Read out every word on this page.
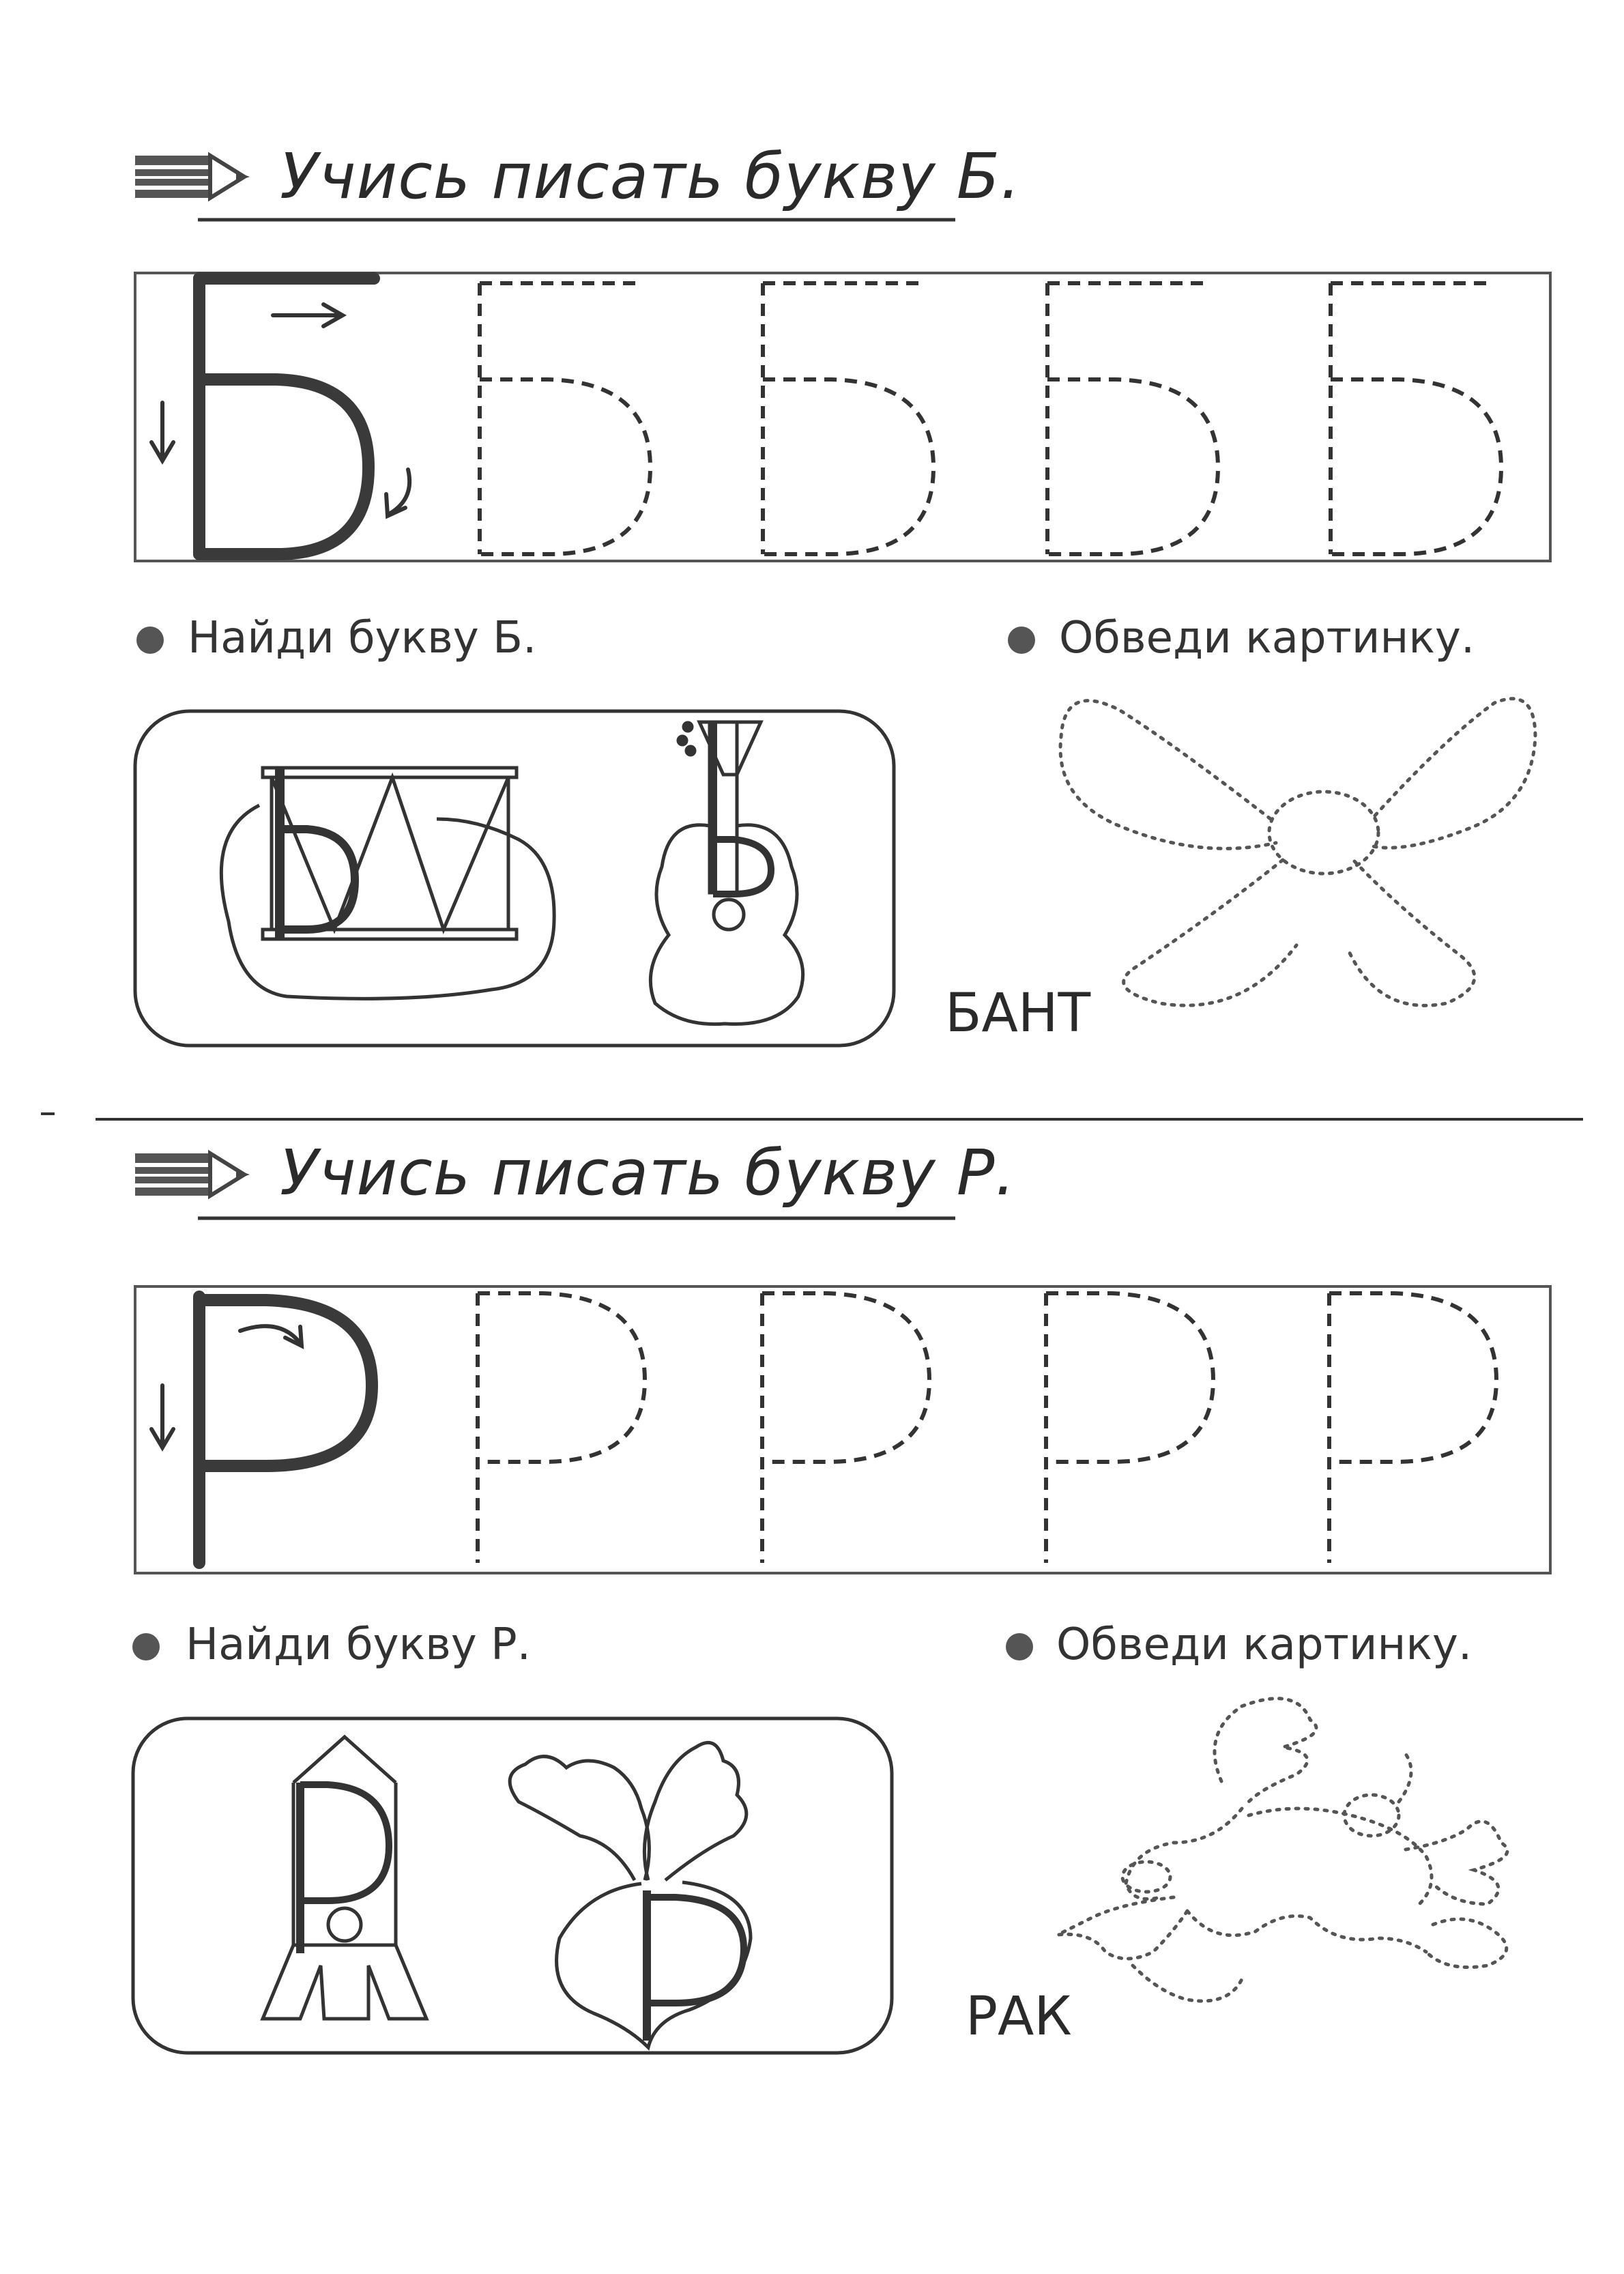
Учись писать букву Б.
Найди букву Б.	Обведи картинку.
БАНТ
Учись писать букву Р.
Найди букву Р.	Обведи картинку.
РАК
